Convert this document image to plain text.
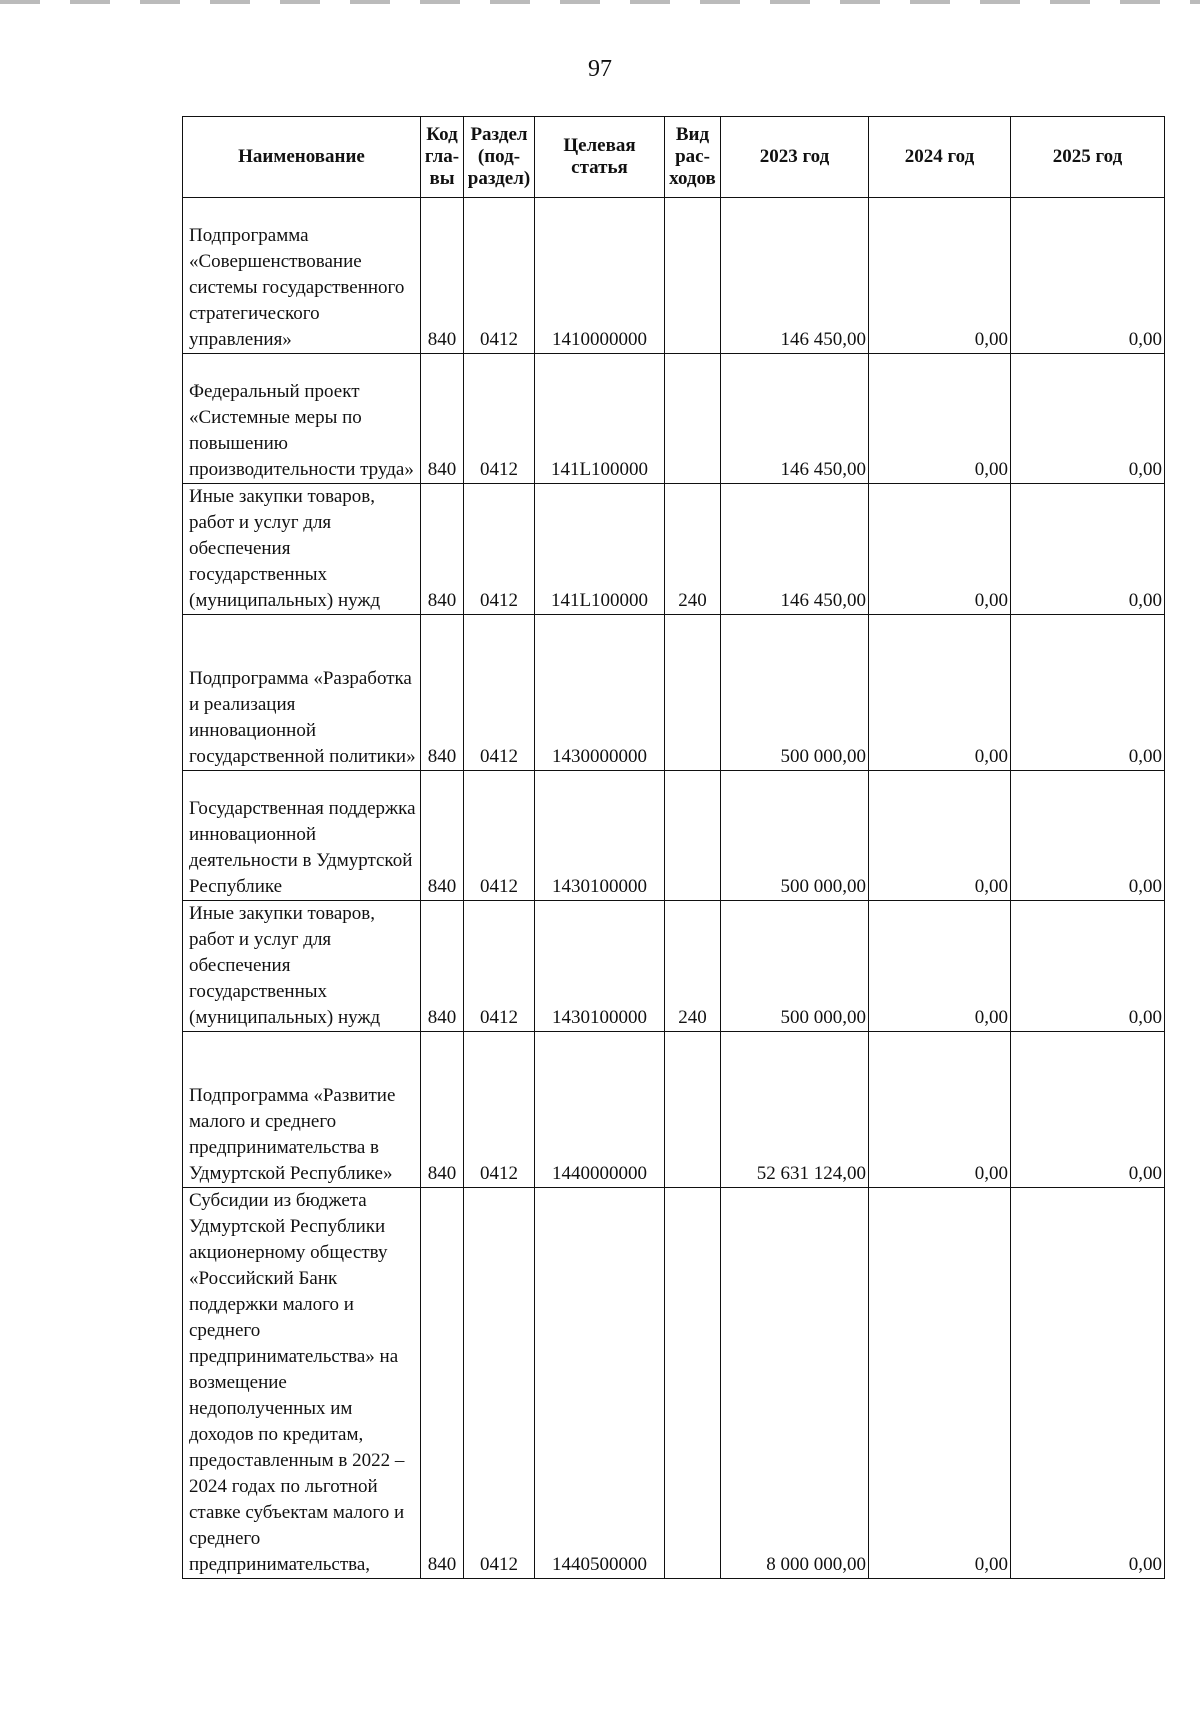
97
Наименование	Код гла- вы	Раздел (под- раздел)	Целевая статья	Вид рас- ходов	2023 год	2024 год	2025 год
Подпрограмма «Совершенствование системы государственного стратегического управления»	840	0412	1410000000		146 450,00	0,00	0,00
Федеральный проект «Системные меры по повышению производительности труда»	840	0412	141L100000		146 450,00	0,00	0,00
Иные закупки товаров, работ и услуг для обеспечения государственных (муниципальных) нужд	840	0412	141L100000	240	146 450,00	0,00	0,00
Подпрограмма «Разработка и реализация инновационной государственной политики»	840	0412	1430000000		500 000,00	0,00	0,00
Государственная поддержка инновационной деятельности в Удмуртской Республике	840	0412	1430100000		500 000,00	0,00	0,00
Иные закупки товаров, работ и услуг для обеспечения государственных (муниципальных) нужд	840	0412	1430100000	240	500 000,00	0,00	0,00
Подпрограмма «Развитие малого и среднего предпринимательства в Удмуртской Республике»	840	0412	1440000000		52 631 124,00	0,00	0,00
Субсидии из бюджета Удмуртской Республики акционерному обществу «Российский Банк поддержки малого и среднего предпринимательства» на возмещение недополученных им доходов по кредитам, предоставленным в 2022 – 2024 годах по льготной ставке субъектам малого и среднего предпринимательства,	840	0412	1440500000		8 000 000,00	0,00	0,00
